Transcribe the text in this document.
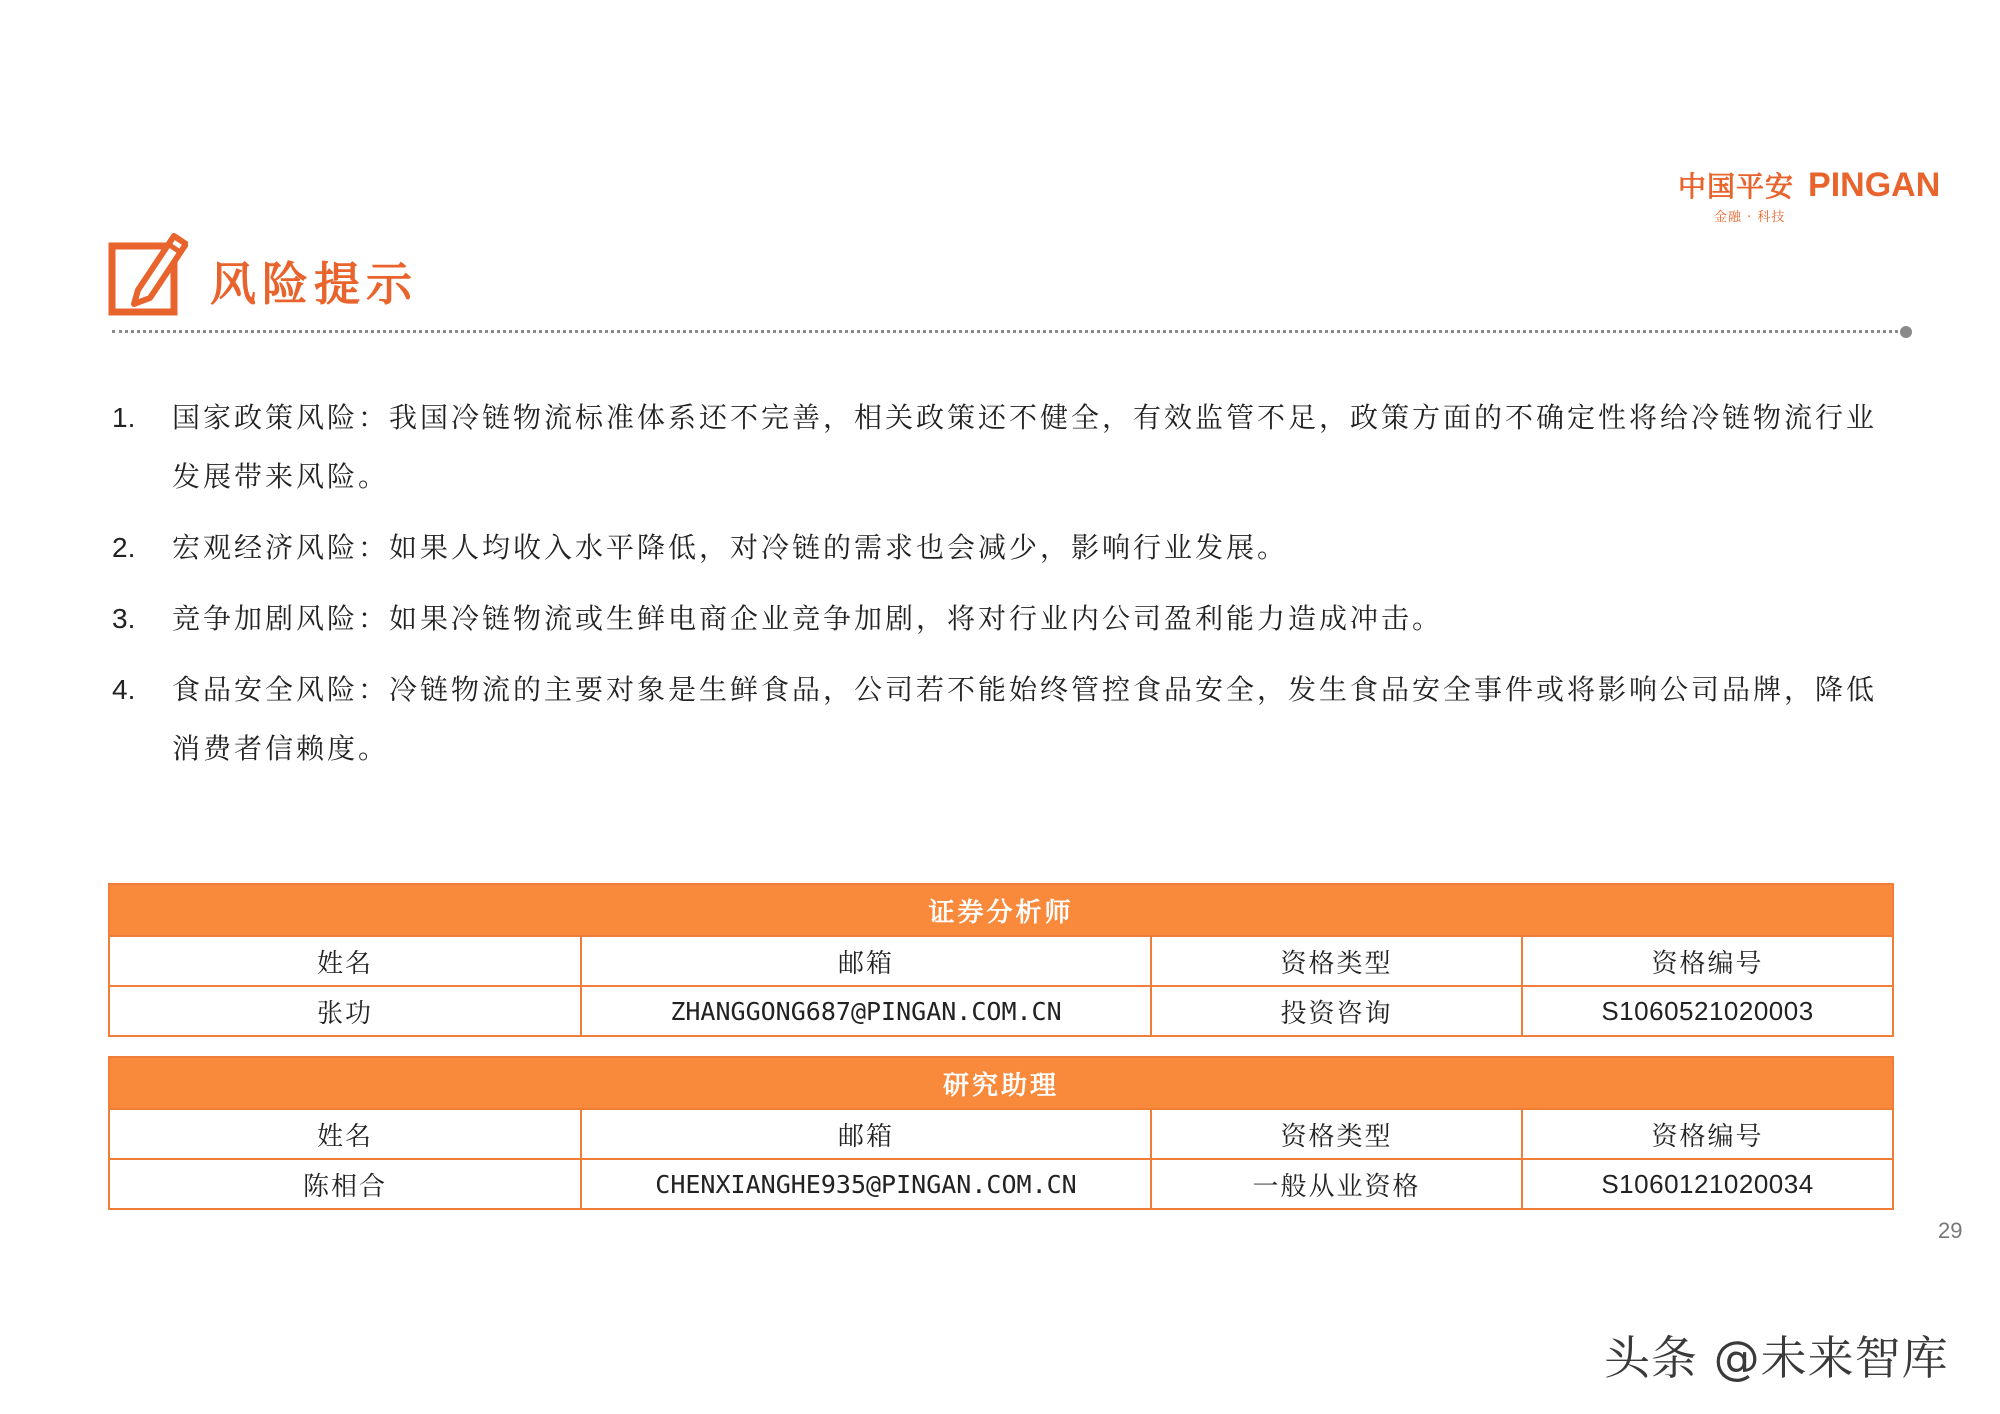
中国平安 PINGAN
金融 · 科技
风险提示
1. 国家政策风险：我国冷链物流标准体系还不完善，相关政策还不健全，有效监管不足，政策方面的不确定性将给冷链物流行业发展带来风险。
2. 宏观经济风险：如果人均收入水平降低，对冷链的需求也会减少，影响行业发展。
3. 竞争加剧风险：如果冷链物流或生鲜电商企业竞争加剧，将对行业内公司盈利能力造成冲击。
4. 食品安全风险：冷链物流的主要对象是生鲜食品，公司若不能始终管控食品安全，发生食品安全事件或将影响公司品牌，降低消费者信赖度。
证券分析师			
姓名	邮箱	资格类型	资格编号
张功	ZHANGGONG687@PINGAN.COM.CN	投资咨询	S1060521020003
研究助理			
姓名	邮箱	资格类型	资格编号
陈相合	CHENXIANGHE935@PINGAN.COM.CN	一般从业资格	S1060121020034
29
头条 @未来智库
